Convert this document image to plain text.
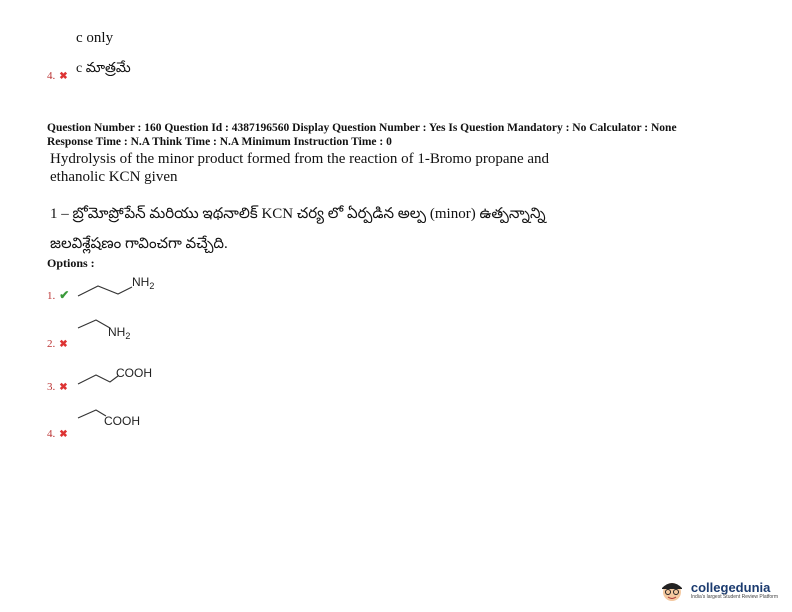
c only
4. ✖
c మాత్రమే
Question Number : 160 Question Id : 4387196560 Display Question Number : Yes Is Question Mandatory : No Calculator : None
Response Time : N.A Think Time : N.A Minimum Instruction Time : 0
Hydrolysis of the minor product formed from the reaction of 1-Bromo propane and
ethanolic KCN given
1 – బ్రోమోప్రోపేన్ మరియు ఇథనాలిక్ KCN చర్య లో ఏర్పడిన అల్ప (minor) ఉత్పన్నాన్ని
జలవిశ్లేషణం గావించగా వచ్చేది.
Options :
1. ✔
$NH_2$
2. ✖
$NH_2$
3. ✖
COOH
4. ✖
COOH
collegedunia
India's largest Student Review Platform
